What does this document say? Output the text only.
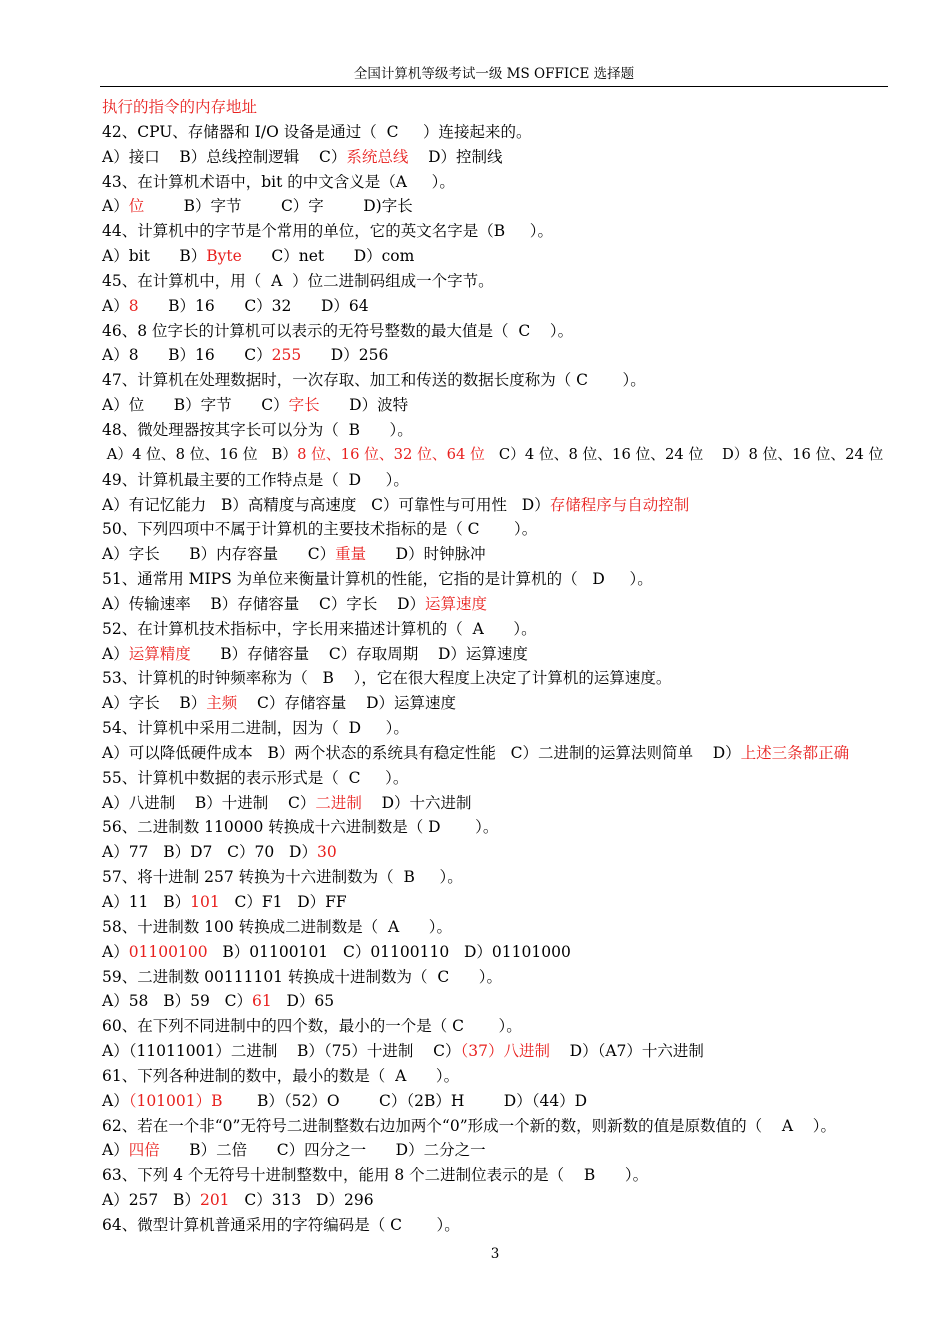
全国计算机等级考试一级 MS OFFICE 选择题
执行的指令的内存地址
42、CPU、存储器和 I/O 设备是通过（  C     ）连接起来的。
A）接口    B）总线控制逻辑    C）系统总线    D）控制线
43、在计算机术语中，bit 的中文含义是（A     ）。
A）位        B）字节        C）字        D)字长
44、计算机中的字节是个常用的单位，它的英文名字是（B     ）。
A）bit      B）Byte      C）net      D）com
45、在计算机中，用（  A  ）位二进制码组成一个字节。
A）8      B）16      C）32      D）64
46、8 位字长的计算机可以表示的无符号整数的最大值是（  C    ）。
A）8      B）16      C）255      D）256
47、计算机在处理数据时，一次存取、加工和传送的数据长度称为（ C       ）。
A）位      B）字节      C）字长      D）波特
48、微处理器按其字长可以分为（  B      ）。
A）4 位、8 位、16 位   B）8 位、16 位、32 位、64 位   C）4 位、8 位、16 位、24 位    D）8 位、16 位、24 位
49、计算机最主要的工作特点是（  D     ）。
A）有记忆能力   B）高精度与高速度   C）可靠性与可用性   D）存储程序与自动控制
50、下列四项中不属于计算机的主要技术指标的是（ C       ）。
A）字长      B）内存容量      C）重量      D）时钟脉冲
51、通常用 MIPS 为单位来衡量计算机的性能，它指的是计算机的（   D     ）。
A）传输速率    B）存储容量    C）字长    D）运算速度
52、在计算机技术指标中，字长用来描述计算机的（  A      ）。
A）运算精度      B）存储容量    C）存取周期    D）运算速度
53、计算机的时钟频率称为（   B    ），它在很大程度上决定了计算机的运算速度。
A）字长    B）主频    C）存储容量    D）运算速度
54、计算机中采用二进制，因为（  D     ）。
A）可以降低硬件成本   B）两个状态的系统具有稳定性能   C）二进制的运算法则简单    D）上述三条都正确
55、计算机中数据的表示形式是（  C     ）。
A）八进制    B）十进制    C）二进制    D）十六进制
56、二进制数 110000 转换成十六进制数是（ D       ）。
A）77   B）D7   C）70   D）30
57、将十进制 257 转换为十六进制数为（  B     ）。
A）11   B）101   C）F1   D）FF
58、十进制数 100 转换成二进制数是（  A      ）。
A）01100100   B）01100101   C）01100110   D）01101000
59、二进制数 00111101 转换成十进制数为（  C      ）。
A）58   B）59   C）61   D）65
60、在下列不同进制中的四个数，最小的一个是（ C       ）。
A）（11011001）二进制    B）（75）十进制    C）（37）八进制    D）（A7）十六进制
61、下列各种进制的数中，最小的数是（  A      ）。
A）（101001）B       B）（52）O        C）（2B）H        D）（44）D
62、若在一个非“0”无符号二进制整数右边加两个“0”形成一个新的数，则新数的值是原数值的（    A    ）。
A）四倍      B）二倍      C）四分之一      D）二分之一
63、下列 4 个无符号十进制整数中，能用 8 个二进制位表示的是（    B      ）。
A）257   B）201   C）313   D）296
64、微型计算机普通采用的字符编码是（ C       ）。
3
